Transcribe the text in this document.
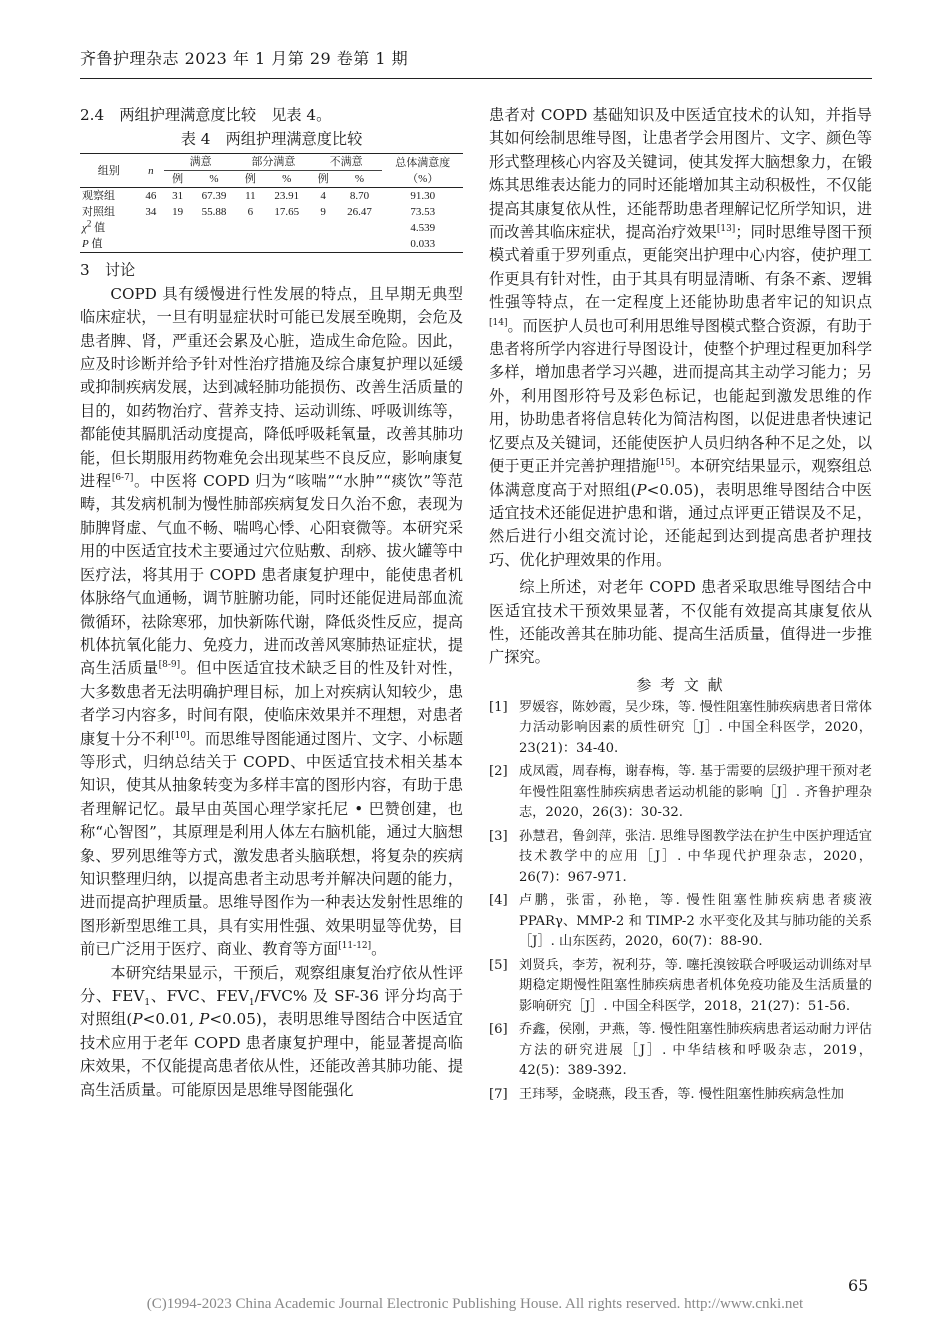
齐鲁护理杂志 2023 年 1 月第 29 卷第 1 期

2.4　两组护理满意度比较　见表 4。

表 4　两组护理满意度比较

组别	n	满意		部分满意		不满意		总体满意度
		例	%	例	%	例	%	（%）
观察组	46	31	67.39	11	23.91	4	8.70	91.30
对照组	34	19	55.88	6	17.65	9	26.47	73.53
$\chi^2$ 值								4.539
P 值								0.033

3　讨论

COPD 具有缓慢进行性发展的特点，且早期无典型临床症状，一旦有明显症状时可能已发展至晚期，会危及患者脾、肾，严重还会累及心脏，造成生命危险。因此，应及时诊断并给予针对性治疗措施及综合康复护理以延缓或抑制疾病发展，达到减轻肺功能损伤、改善生活质量的目的，如药物治疗、营养支持、运动训练、呼吸训练等，都能使其膈肌活动度提高，降低呼吸耗氧量，改善其肺功能，但长期服用药物难免会出现某些不良反应，影响康复进程[6-7]。中医将 COPD 归为“咳喘”“水肿”“痰饮”等范畴，其发病机制为慢性肺部疾病复发日久治不愈，表现为肺脾肾虚、气血不畅、喘鸣心悸、心阳衰微等。本研究采用的中医适宜技术主要通过穴位贴敷、刮痧、拔火罐等中医疗法，将其用于 COPD 患者康复护理中，能使患者机体脉络气血通畅，调节脏腑功能，同时还能促进局部血流微循环，祛除寒邪，加快新陈代谢，降低炎性反应，提高机体抗氧化能力、免疫力，进而改善风寒肺热证症状，提高生活质量[8-9]。但中医适宜技术缺乏目的性及针对性，大多数患者无法明确护理目标，加上对疾病认知较少，患者学习内容多，时间有限，使临床效果并不理想，对患者康复十分不利[10]。而思维导图能通过图片、文字、小标题等形式，归纳总结关于 COPD、中医适宜技术相关基本知识，使其从抽象转变为多样丰富的图形内容，有助于患者理解记忆。最早由英国心理学家托尼 • 巴赞创建，也称“心智图”，其原理是利用人体左右脑机能，通过大脑想象、罗列思维等方式，激发患者头脑联想，将复杂的疾病知识整理归纳，以提高患者主动思考并解决问题的能力，进而提高护理质量。思维导图作为一种表达发射性思维的图形新型思维工具，具有实用性强、效果明显等优势，目前已广泛用于医疗、商业、教育等方面[11-12]。

本研究结果显示，干预后，观察组康复治疗依从性评分、$FEV_1$、FVC、$FEV_1/FVC\%$ 及 SF-36 评分均高于对照组(P<0.01, P<0.05)，表明思维导图结合中医适宜技术应用于老年 COPD 患者康复护理中，能显著提高临床效果，不仅能提高患者依从性，还能改善其肺功能、提高生活质量。可能原因是思维导图能强化

患者对 COPD 基础知识及中医适宜技术的认知，并指导其如何绘制思维导图，让患者学会用图片、文字、颜色等形式整理核心内容及关键词，使其发挥大脑想象力，在锻炼其思维表达能力的同时还能增加其主动积极性，不仅能提高其康复依从性，还能帮助患者理解记忆所学知识，进而改善其临床症状，提高治疗效果[13]；同时思维导图干预模式着重于罗列重点，更能突出护理中心内容，使护理工作更具有针对性，由于其具有明显清晰、有条不紊、逻辑性强等特点，在一定程度上还能协助患者牢记的知识点[14]。而医护人员也可利用思维导图模式整合资源，有助于患者将所学内容进行导图设计，使整个护理过程更加科学多样，增加患者学习兴趣，进而提高其主动学习能力；另外，利用图形符号及彩色标记，也能起到激发思维的作用，协助患者将信息转化为简洁构图，以促进患者快速记忆要点及关键词，还能使医护人员归纳各种不足之处，以便于更正并完善护理措施[15]。本研究结果显示，观察组总体满意度高于对照组(P<0.05)，表明思维导图结合中医适宜技术还能促进护患和谐，通过点评更正错误及不足，然后进行小组交流讨论，还能起到达到提高患者护理技巧、优化护理效果的作用。

综上所述，对老年 COPD 患者采取思维导图结合中医适宜技术干预效果显著，不仅能有效提高其康复依从性，还能改善其在肺功能、提高生活质量，值得进一步推广探究。

参 考 文 献

[1] 罗媛容，陈妙霞，吴少珠，等. 慢性阻塞性肺疾病患者日常体力活动影响因素的质性研究［J］. 中国全科医学，2020，23(21)：34-40.
[2] 成凤霞，周春梅，谢春梅，等. 基于需要的层级护理干预对老年慢性阻塞性肺疾病患者运动机能的影响［J］. 齐鲁护理杂志，2020，26(3)：30-32.
[3] 孙慧君，鲁剑萍，张洁. 思维导图教学法在护生中医护理适宜技术教学中的应用［J］. 中华现代护理杂志，2020，26(7)：967-971.
[4] 卢鹏，张雷，孙艳，等. 慢性阻塞性肺疾病患者痰液 PPARγ、MMP-2 和 TIMP-2 水平变化及其与肺功能的关系［J］. 山东医药，2020，60(7)：88-90.
[5] 刘贤兵，李芳，祝利芬，等. 噻托溴铵联合呼吸运动训练对早期稳定期慢性阻塞性肺疾病患者机体免疫功能及生活质量的影响研究［J］. 中国全科医学，2018，21(27)：51-56.
[6] 乔鑫，侯刚，尹燕，等. 慢性阻塞性肺疾病患者运动耐力评估方法的研究进展［J］. 中华结核和呼吸杂志，2019，42(5)：389-392.
[7] 王玮琴，金晓燕，段玉香，等. 慢性阻塞性肺疾病急性加
65
(C)1994-2023 China Academic Journal Electronic Publishing House. All rights reserved. http://www.cnki.net
